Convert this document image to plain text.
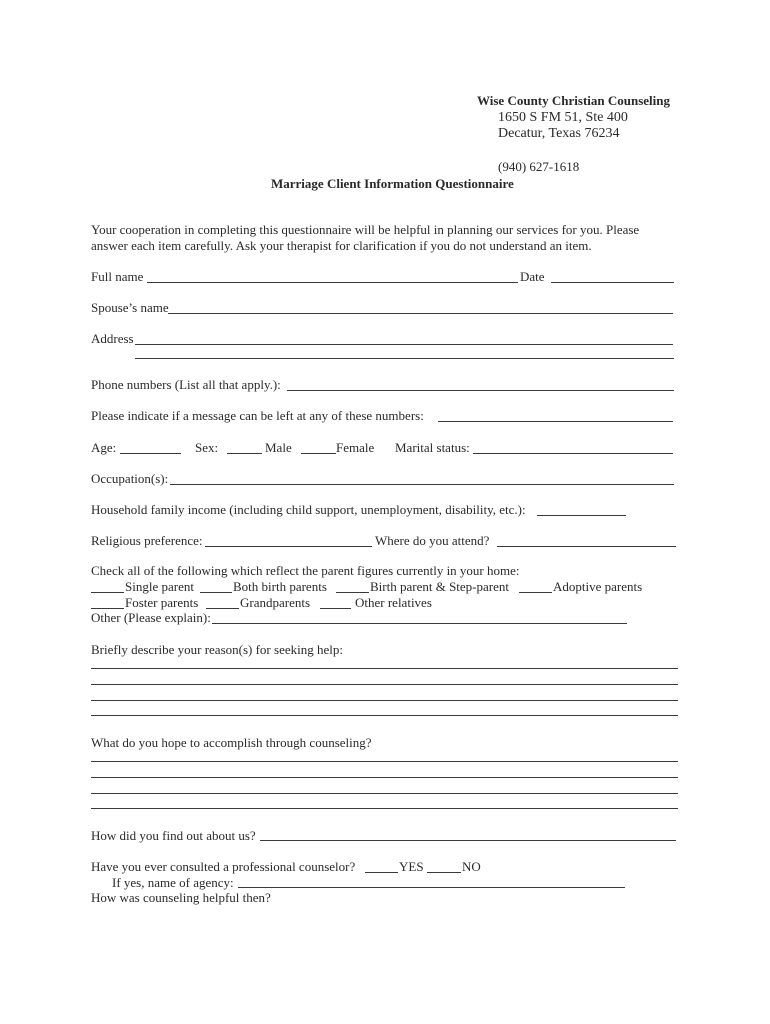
Wise County Christian Counseling
1650 S FM 51, Ste 400
Decatur, Texas 76234
(940) 627-1618
Marriage Client Information Questionnaire
Your cooperation in completing this questionnaire will be helpful in planning our services for you. Please
answer each item carefully. Ask your therapist for clarification if you do not understand an item.
Full name	Date
Spouse’s name
Address
Phone numbers (List all that apply.):
Please indicate if a message can be left at any of these numbers:
Age:	Sex:	Male	Female Marital status:
Occupation(s):
Household family income (including child support, unemployment, disability, etc.):
Religious preference:	Where do you attend?
Check all of the following which reflect the parent figures currently in your home:
Single parent	Both birth parents	Birth parent & Step-parent	Adoptive parents
Foster parents	Grandparents	Other relatives
Other (Please explain):
Briefly describe your reason(s) for seeking help:
What do you hope to accomplish through counseling?
How did you find out about us?
Have you ever consulted a professional counselor?	YES	NO
If yes, name of agency:
How was counseling helpful then?
